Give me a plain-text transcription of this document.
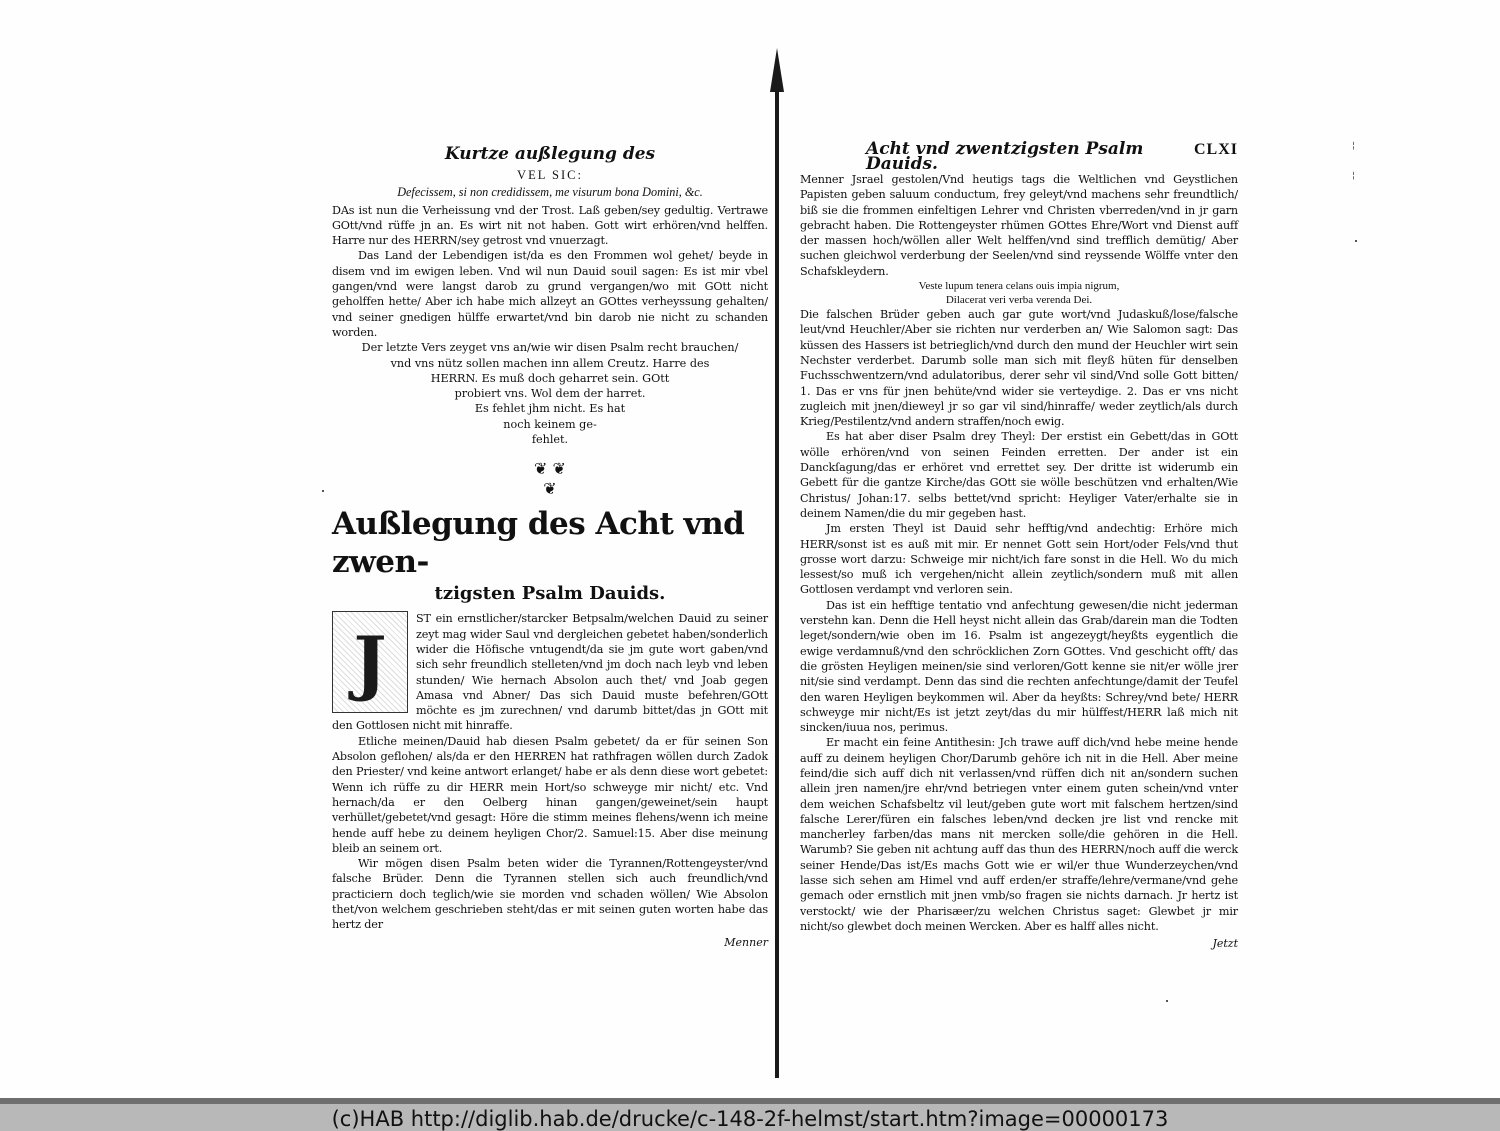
Kurtze außlegung des
VEL SIC:
Defecissem, si non credidissem, me visurum bona Domini, &c.

DAs ist nun die Verheissung vnd der Trost. Laß geben/sey gedultig. Vertrawe GOtt/vnd rüffe jn an. Es wirt nit not haben. Gott wirt erhören/vnd helffen. Harre nur des HERRN/sey getrost vnd vnuerzagt.

Das Land der Lebendigen ist/da es den Frommen wol gehet/ beyde in disem vnd im ewigen leben. Vnd wil nun Dauid souil sagen: Es ist mir vbel gangen/vnd were langst darob zu grund vergangen/wo mit GOtt nicht geholffen hette/ Aber ich habe mich allzeyt an GOttes verheyssung gehalten/ vnd seiner gnedigen hülffe erwartet/vnd bin darob nie nicht zu schanden worden.

Der letzte Vers zeyget vns an/wie wir disen Psalm recht brauchen/

vnd vns nütz sollen machen inn allem Creutz. Harre des

HERRN. Es muß doch geharret sein. GOtt

probiert vns. Wol dem der harret.

Es fehlet jhm nicht. Es hat

noch keinem ge-

fehlet.

❦ ❦
❦
Außlegung des Acht vnd zwen-
tzigsten Psalm Dauids.
J

ST ein ernstlicher/starcker Betpsalm/welchen Dauid zu seiner zeyt mag wider Saul vnd dergleichen gebetet haben/sonderlich wider die Höfische vntugendt/da sie jm gute wort gaben/vnd sich sehr freundlich stelleten/vnd jm doch nach leyb vnd leben stunden/ Wie hernach Absolon auch thet/ vnd Joab gegen Amasa vnd Abner/ Das sich Dauid muste befehren/GOtt möchte es jm zurechnen/ vnd darumb bittet/das jn GOtt mit den Gottlosen nicht mit hinraffe.

Etliche meinen/Dauid hab diesen Psalm gebetet/ da er für seinen Son Absolon geflohen/ als/da er den HERREN hat rathfragen wöllen durch Zadok den Priester/ vnd keine antwort erlanget/ habe er als denn diese wort gebetet: Wenn ich rüffe zu dir HERR mein Hort/so schweyge mir nicht/ etc. Vnd hernach/da er den Oelberg hinan gangen/geweinet/sein haupt verhüllet/gebetet/vnd gesagt: Höre die stimm meines flehens/wenn ich meine hende auff hebe zu deinem heyligen Chor/2. Samuel:15. Aber dise meinung bleib an seinem ort.

Wir mögen disen Psalm beten wider die Tyrannen/Rottengeyster/vnd falsche Brüder. Denn die Tyrannen stellen sich auch freundlich/vnd practiciern doch teglich/wie sie morden vnd schaden wöllen/ Wie Absolon thet/von welchem geschrieben steht/das er mit seinen guten worten habe das hertz der

Menner
Acht vnd zwentzigsten Psalm Dauids.
CLXI

Menner Jsrael gestolen/Vnd heutigs tags die Weltlichen vnd Geystlichen Papisten geben saluum conductum, frey geleyt/vnd machens sehr freundtlich/ biß sie die frommen einfeltigen Lehrer vnd Christen vberreden/vnd in jr garn gebracht haben. Die Rottengeyster rhümen GOttes Ehre/Wort vnd Dienst auff der massen hoch/wöllen aller Welt helffen/vnd sind trefflich demütig/ Aber suchen gleichwol verderbung der Seelen/vnd sind reyssende Wölffe vnter den Schafskleydern.

Veste lupum tenera celans ouis impia nigrum,
Dilacerat veri verba verenda Dei.

Die falschen Brüder geben auch gar gute wort/vnd Judaskuß/lose/falsche leut/vnd Heuchler/Aber sie richten nur verderben an/ Wie Salomon sagt: Das küssen des Hassers ist betrieglich/vnd durch den mund der Heuchler wirt sein Nechster verderbet. Darumb solle man sich mit fleyß hüten für denselben Fuchsschwentzern/vnd adulatoribus, derer sehr vil sind/Vnd solle Gott bitten/ 1. Das er vns für jnen behüte/vnd wider sie verteydige. 2. Das er vns nicht zugleich mit jnen/dieweyl jr so gar vil sind/hinraffe/ weder zeytlich/als durch Krieg/Pestilentz/vnd andern straffen/noch ewig.

Es hat aber diser Psalm drey Theyl: Der erstist ein Gebett/das in GOtt wölle erhören/vnd von seinen Feinden erretten. Der ander ist ein Danckſagung/das er erhöret vnd errettet sey. Der dritte ist widerumb ein Gebett für die gantze Kirche/das GOtt sie wölle beschützen vnd erhalten/Wie Christus/ Johan:17. selbs bettet/vnd spricht: Heyliger Vater/erhalte sie in deinem Namen/die du mir gegeben hast.

Jm ersten Theyl ist Dauid sehr hefftig/vnd andechtig: Erhöre mich HERR/sonst ist es auß mit mir. Er nennet Gott sein Hort/oder Fels/vnd thut grosse wort darzu: Schweige mir nicht/ich fare sonst in die Hell. Wo du mich lessest/so muß ich vergehen/nicht allein zeytlich/sondern muß mit allen Gottlosen verdampt vnd verloren sein.

Das ist ein hefftige tentatio vnd anfechtung gewesen/die nicht jederman verstehn kan. Denn die Hell heyst nicht allein das Grab/darein man die Todten leget/sondern/wie oben im 16. Psalm ist angezeygt/heyßts eygentlich die ewige verdamnuß/vnd den schröcklichen Zorn GOttes. Vnd geschicht offt/ das die grösten Heyligen meinen/sie sind verloren/Gott kenne sie nit/er wölle jrer nit/sie sind verdampt. Denn das sind die rechten anfechtunge/damit der Teufel den waren Heyligen beykommen wil. Aber da heyßts: Schrey/vnd bete/ HERR schweyge mir nicht/Es ist jetzt zeyt/das du mir hülffest/HERR laß mich nit sincken/iuua nos, perimus.

Er macht ein feine Antithesin: Jch trawe auff dich/vnd hebe meine hende auff zu deinem heyligen Chor/Darumb gehöre ich nit in die Hell. Aber meine feind/die sich auff dich nit verlassen/vnd rüffen dich nit an/sondern suchen allein jren namen/jre ehr/vnd betriegen vnter einem guten schein/vnd vnter dem weichen Schafsbeltz vil leut/geben gute wort mit falschem hertzen/sind falsche Lerer/füren ein falsches leben/vnd decken jre list vnd rencke mit mancherley farben/das mans nit mercken solle/die gehören in die Hell. Warumb? Sie geben nit achtung auff das thun des HERRN/noch auff die werck seiner Hende/Das ist/Es machs Gott wie er wil/er thue Wunderzeychen/vnd lasse sich sehen am Himel vnd auff erden/er straffe/lehre/vermane/vnd gehe gemach oder ernstlich mit jnen vmb/so fragen sie nichts darnach. Jr hertz ist verstockt/ wie der Pharisæer/zu welchen Christus saget: Glewbet jr mir nicht/so glewbet doch meinen Wercken. Aber es halff alles nicht.

Jetzt
¦
¦
(c)HAB http://diglib.hab.de/drucke/c-148-2f-helmst/start.htm?image=00000173
